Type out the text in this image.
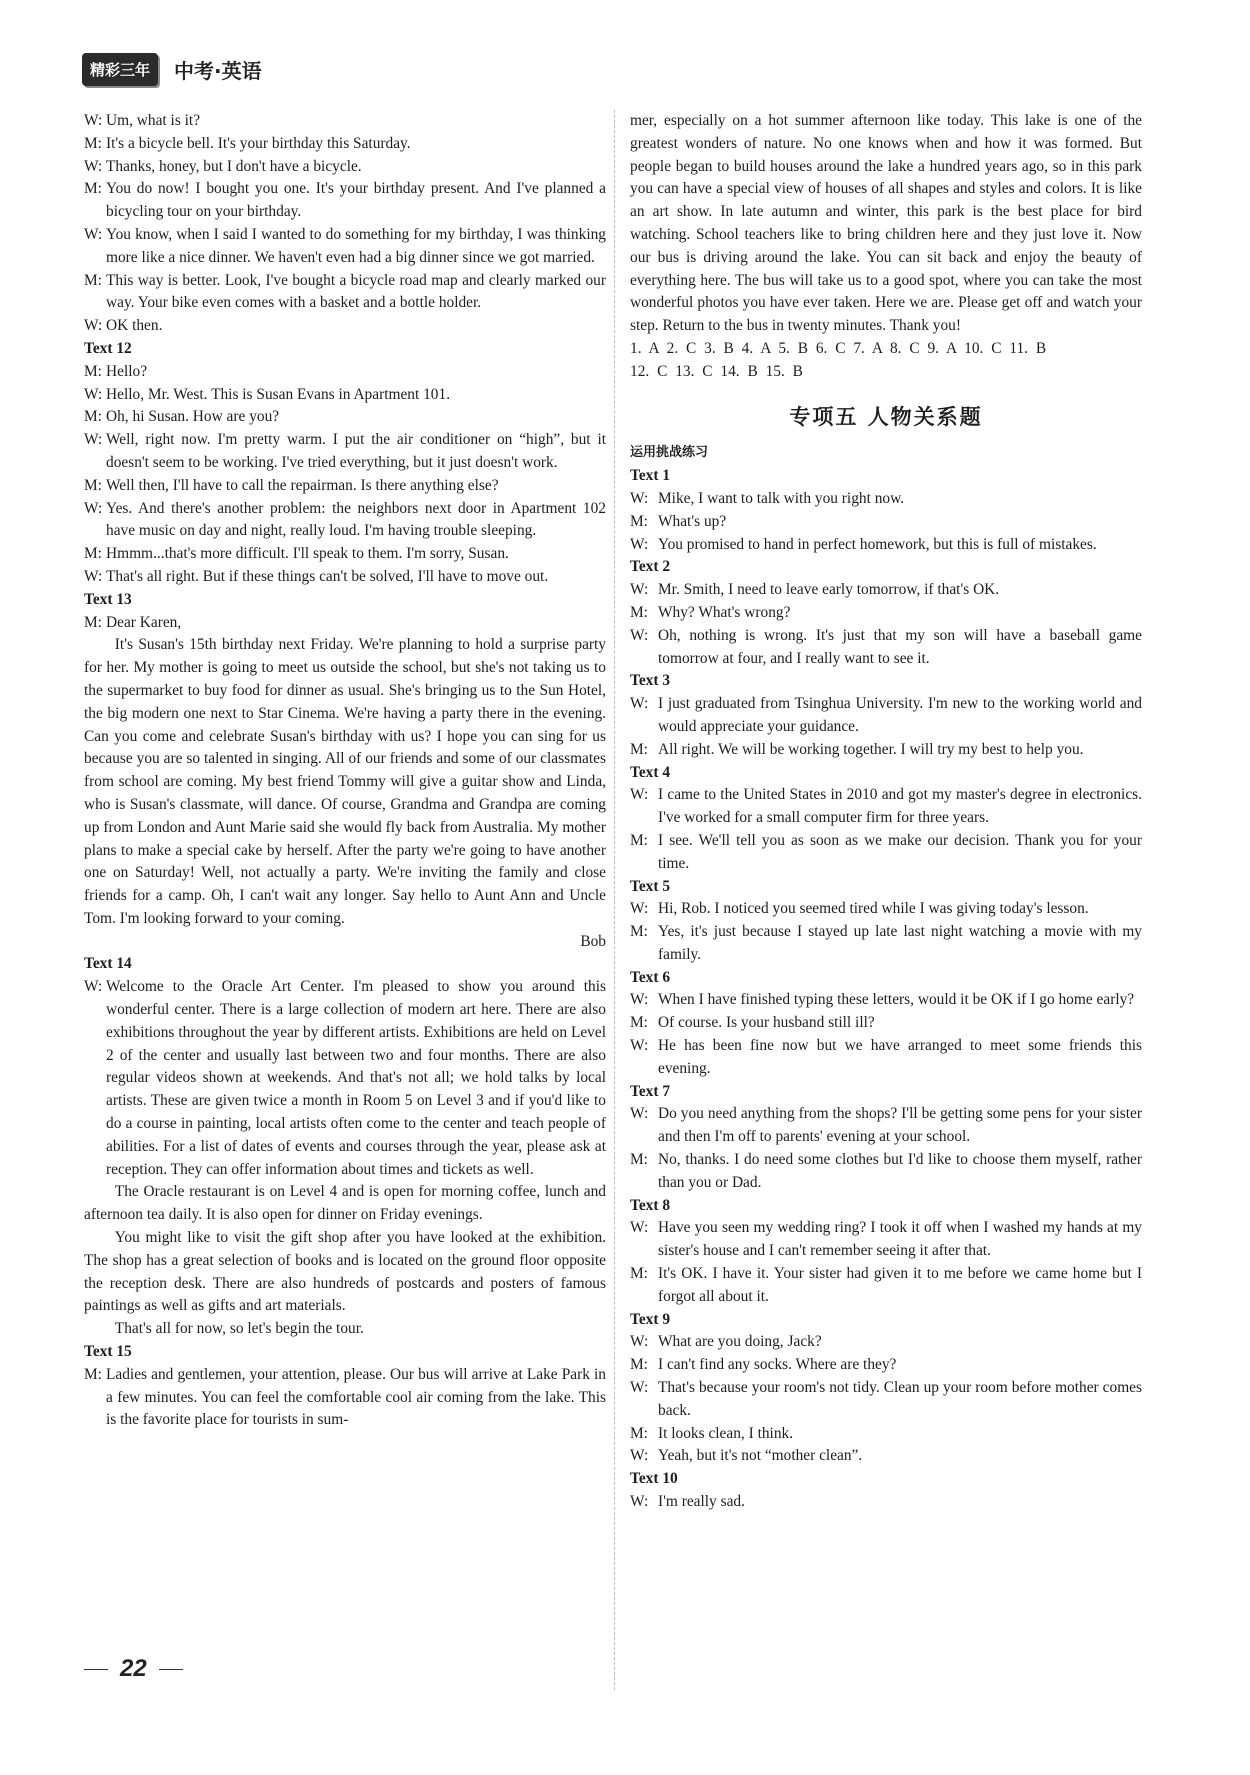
精彩三年	中考·英语
W: Um, what is it?
M: It's a bicycle bell. It's your birthday this Saturday.
W: Thanks, honey, but I don't have a bicycle.
M: You do now! I bought you one. It's your birthday present. And I've planned a bicycling tour on your birthday.
W: You know, when I said I wanted to do something for my birthday, I was thinking more like a nice dinner. We haven't even had a big dinner since we got married.
M: This way is better. Look, I've bought a bicycle road map and clearly marked our way. Your bike even comes with a basket and a bottle holder.
W: OK then.
Text 12
M: Hello?
W: Hello, Mr. West. This is Susan Evans in Apartment 101.
M: Oh, hi Susan. How are you?
W: Well, right now. I'm pretty warm. I put the air conditioner on “high”, but it doesn't seem to be working. I've tried everything, but it just doesn't work.
M: Well then, I'll have to call the repairman. Is there anything else?
W: Yes. And there's another problem: the neighbors next door in Apartment 102 have music on day and night, really loud. I'm having trouble sleeping.
M: Hmmm...that's more difficult. I'll speak to them. I'm sorry, Susan.
W: That's all right. But if these things can't be solved, I'll have to move out.
Text 13
M: Dear Karen,
It's Susan's 15th birthday next Friday. We're planning to hold a surprise party for her. My mother is going to meet us outside the school, but she's not taking us to the supermarket to buy food for dinner as usual. She's bringing us to the Sun Hotel, the big modern one next to Star Cinema. We're having a party there in the evening. Can you come and celebrate Susan's birthday with us? I hope you can sing for us because you are so talented in singing. All of our friends and some of our classmates from school are coming. My best friend Tommy will give a guitar show and Linda, who is Susan's classmate, will dance. Of course, Grandma and Grandpa are coming up from London and Aunt Marie said she would fly back from Australia. My mother plans to make a special cake by herself. After the party we're going to have another one on Saturday! Well, not actually a party. We're inviting the family and close friends for a camp. Oh, I can't wait any longer. Say hello to Aunt Ann and Uncle Tom. I'm looking forward to your coming.
Bob
Text 14
W: Welcome to the Oracle Art Center. I'm pleased to show you around this wonderful center. There is a large collection of modern art here. There are also exhibitions throughout the year by different artists. Exhibitions are held on Level 2 of the center and usually last between two and four months. There are also regular videos shown at weekends. And that's not all; we hold talks by local artists. These are given twice a month in Room 5 on Level 3 and if you'd like to do a course in painting, local artists often come to the center and teach people of abilities. For a list of dates of events and courses through the year, please ask at reception. They can offer information about times and tickets as well.
The Oracle restaurant is on Level 4 and is open for morning coffee, lunch and afternoon tea daily. It is also open for dinner on Friday evenings.
You might like to visit the gift shop after you have looked at the exhibition. The shop has a great selection of books and is located on the ground floor opposite the reception desk. There are also hundreds of postcards and posters of famous paintings as well as gifts and art materials.
That's all for now, so let's begin the tour.
Text 15
M: Ladies and gentlemen, your attention, please. Our bus will arrive at Lake Park in a few minutes. You can feel the comfortable cool air coming from the lake. This is the favorite place for tourists in sum-
mer, especially on a hot summer afternoon like today. This lake is one of the greatest wonders of nature. No one knows when and how it was formed. But people began to build houses around the lake a hundred years ago, so in this park you can have a special view of houses of all shapes and styles and colors. It is like an art show. In late autumn and winter, this park is the best place for bird watching. School teachers like to bring children here and they just love it. Now our bus is driving around the lake. You can sit back and enjoy the beauty of everything here. The bus will take us to a good spot, where you can take the most wonderful photos you have ever taken. Here we are. Please get off and watch your step. Return to the bus in twenty minutes. Thank you!
1. A 2. C 3. B 4. A 5. B 6. C 7. A 8. C 9. A 10. C 11. B
12. C 13. C 14. B 15. B
专项五 人物关系题
运用挑战练习
Text 1
W: Mike, I want to talk with you right now.
M: What's up?
W: You promised to hand in perfect homework, but this is full of mistakes.
Text 2
W: Mr. Smith, I need to leave early tomorrow, if that's OK.
M: Why? What's wrong?
W: Oh, nothing is wrong. It's just that my son will have a baseball game tomorrow at four, and I really want to see it.
Text 3
W: I just graduated from Tsinghua University. I'm new to the working world and would appreciate your guidance.
M: All right. We will be working together. I will try my best to help you.
Text 4
W: I came to the United States in 2010 and got my master's degree in electronics. I've worked for a small computer firm for three years.
M: I see. We'll tell you as soon as we make our decision. Thank you for your time.
Text 5
W: Hi, Rob. I noticed you seemed tired while I was giving today's lesson.
M: Yes, it's just because I stayed up late last night watching a movie with my family.
Text 6
W: When I have finished typing these letters, would it be OK if I go home early?
M: Of course. Is your husband still ill?
W: He has been fine now but we have arranged to meet some friends this evening.
Text 7
W: Do you need anything from the shops? I'll be getting some pens for your sister and then I'm off to parents' evening at your school.
M: No, thanks. I do need some clothes but I'd like to choose them myself, rather than you or Dad.
Text 8
W: Have you seen my wedding ring? I took it off when I washed my hands at my sister's house and I can't remember seeing it after that.
M: It's OK. I have it. Your sister had given it to me before we came home but I forgot all about it.
Text 9
W: What are you doing, Jack?
M: I can't find any socks. Where are they?
W: That's because your room's not tidy. Clean up your room before mother comes back.
M: It looks clean, I think.
W: Yeah, but it's not “mother clean”.
Text 10
W: I'm really sad.
22
